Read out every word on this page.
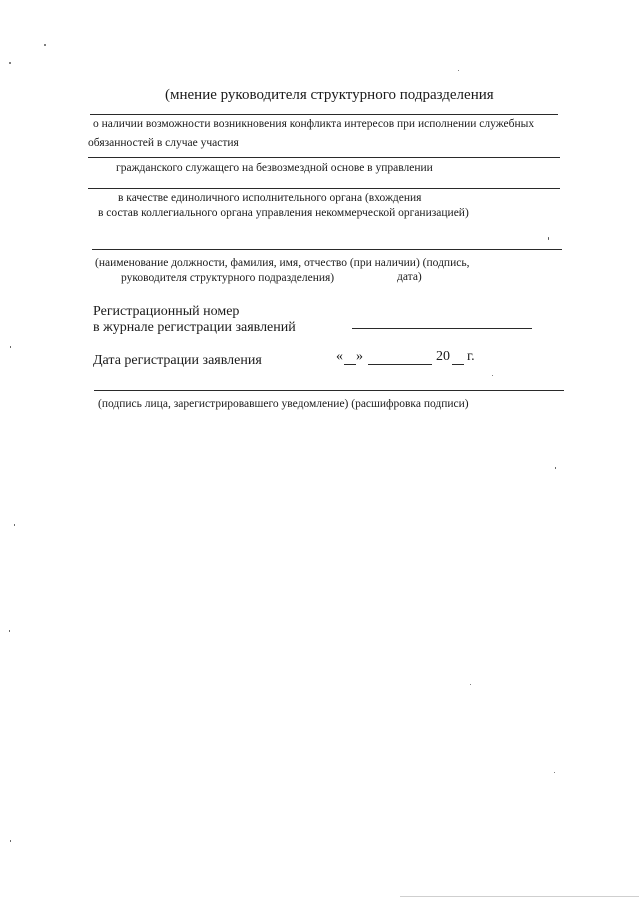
(мнение руководителя структурного подразделения
о наличии возможности возникновения конфликта интересов при исполнении служебных
обязанностей в случае участия
гражданского служащего на безвозмездной основе в управлении
в качестве единоличного исполнительного органа (вхождения
в состав коллегиального органа управления некоммерческой организацией)
(наименование должности, фамилия, имя, отчество (при наличии) (подпись,
руководителя структурного подразделения)	дата)
Регистрационный номер
в журнале регистрации заявлений
Дата регистрации заявления	« »	20 г.
(подпись лица, зарегистрировавшего уведомление) (расшифровка подписи)
